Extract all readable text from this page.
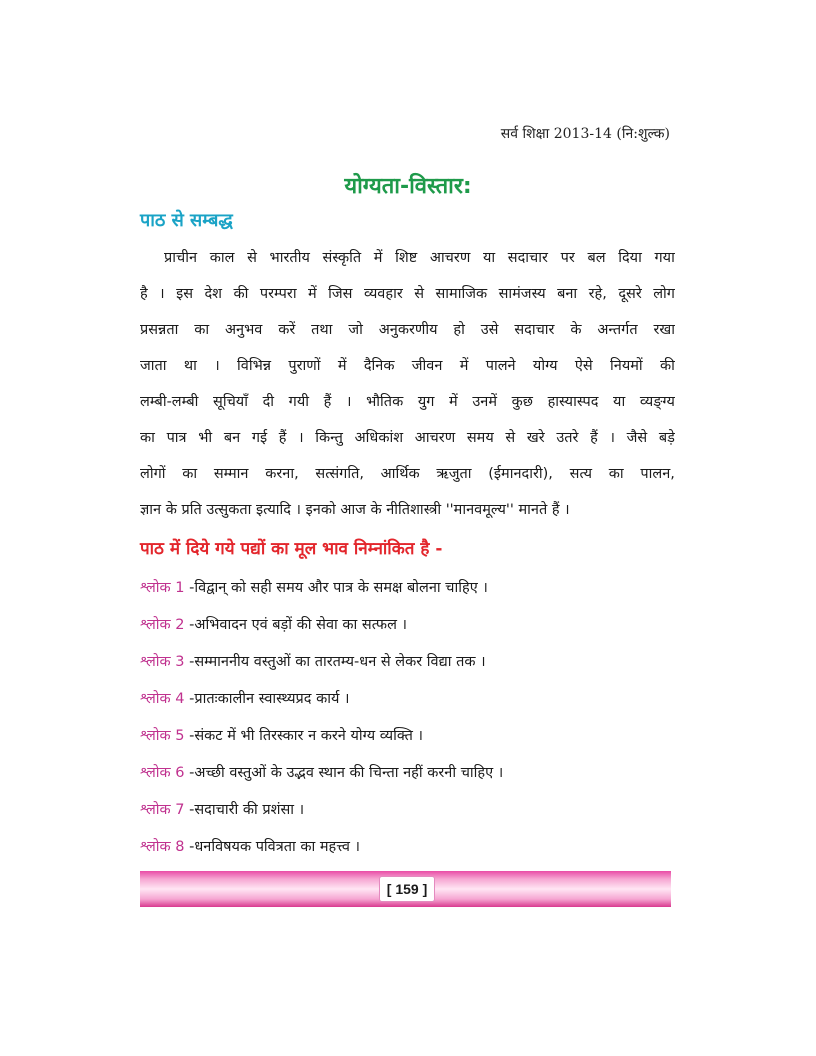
सर्व शिक्षा 2013-14 (नि:शुल्क)
योग्यता-विस्तार:
पाठ से सम्बद्ध
प्राचीन काल से भारतीय संस्कृति में शिष्ट आचरण या सदाचार पर बल दिया गया
है । इस देश की परम्परा में जिस व्यवहार से सामाजिक सामंजस्य बना रहे, दूसरे लोग
प्रसन्नता का अनुभव करें तथा जो अनुकरणीय हो उसे सदाचार के अन्तर्गत रखा
जाता था । विभिन्न पुराणों में दैनिक जीवन में पालने योग्य ऐसे नियमों की
लम्बी-लम्बी सूचियाँ दी गयी हैं । भौतिक युग में उनमें कुछ हास्यास्पद या व्यङ्ग्य
का पात्र भी बन गई हैं । किन्तु अधिकांश आचरण समय से खरे उतरे हैं । जैसे बड़े
लोगों का सम्मान करना, सत्संगति, आर्थिक ऋजुता (ईमानदारी), सत्य का पालन,
ज्ञान के प्रति उत्सुकता इत्यादि । इनको आज के नीतिशास्त्री ''मानवमूल्य'' मानते हैं ।
पाठ में दिये गये पद्यों का मूल भाव निम्नांकित है -
श्लोक 1 -विद्वान् को सही समय और पात्र के समक्ष बोलना चाहिए ।
श्लोक 2 -अभिवादन एवं बड़ों की सेवा का सत्फल ।
श्लोक 3 -सम्माननीय वस्तुओं का तारतम्य-धन से लेकर विद्या तक ।
श्लोक 4 -प्रातःकालीन स्वास्थ्यप्रद कार्य ।
श्लोक 5 -संकट में भी तिरस्कार न करने योग्य व्यक्ति ।
श्लोक 6 -अच्छी वस्तुओं के उद्भव स्थान की चिन्ता नहीं करनी चाहिए ।
श्लोक 7 -सदाचारी की प्रशंसा ।
श्लोक 8 -धनविषयक पवित्रता का महत्त्व ।
[ 159 ]
